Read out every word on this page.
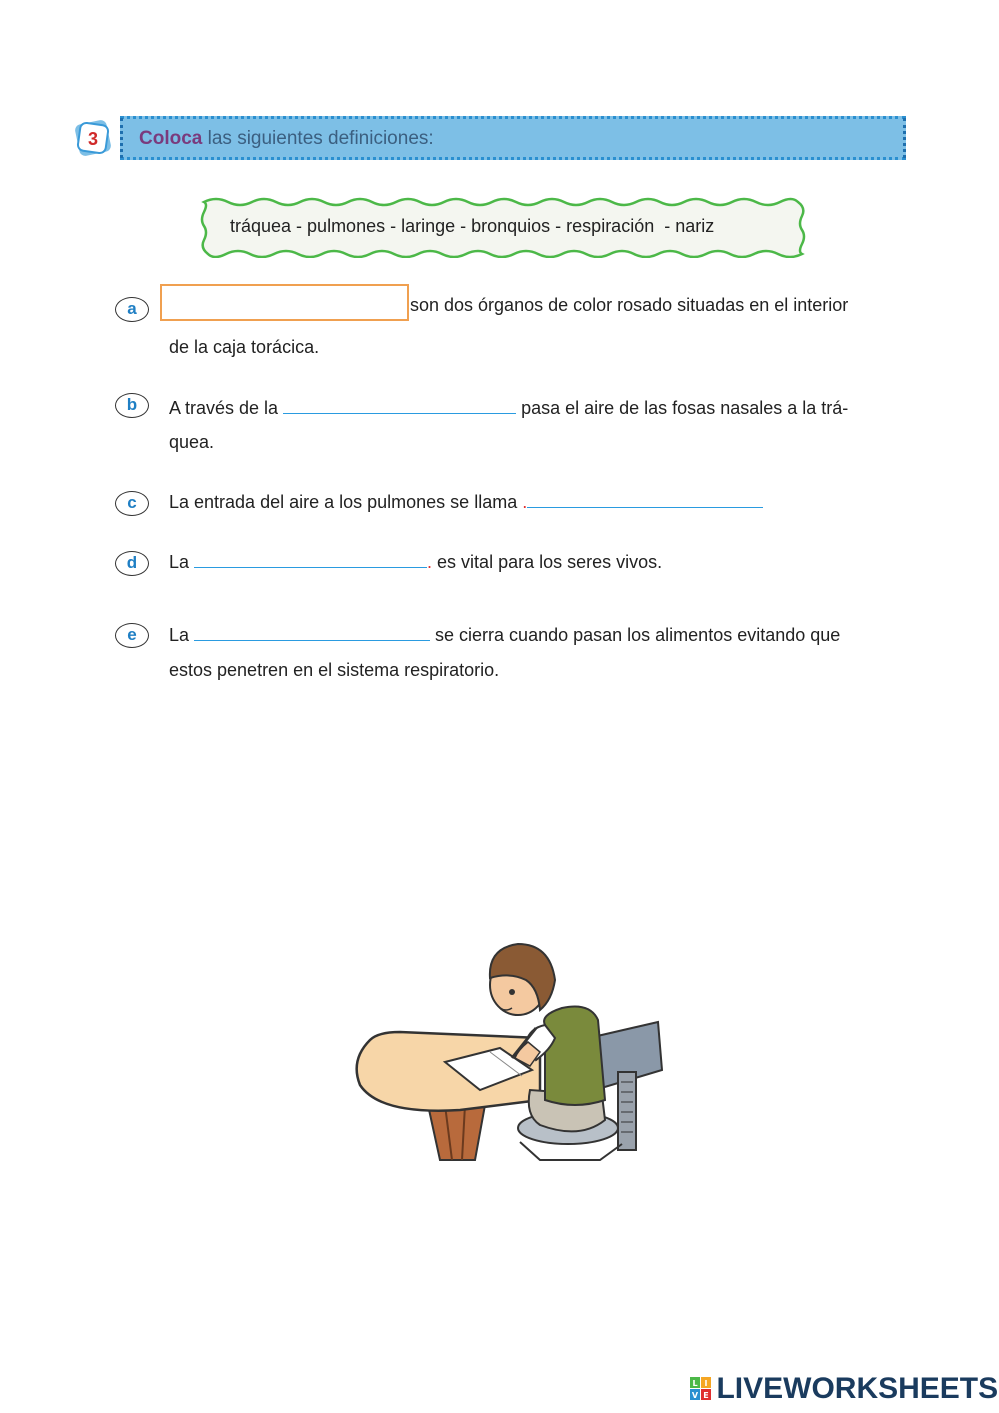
3	Coloca las siguientes definiciones:
tráquea - pulmones - laringe - bronquios - respiración  - nariz
a	son dos órganos de color rosado situadas en el interior
de la caja torácica.
b	A través de la	pasa el aire de las fosas nasales a la trá-
quea.
c	La entrada del aire a los pulmones se llama .
d	La	. es vital para los seres vivos.
e	La	se cierra cuando pasan los alimentos evitando que
estos penetren en el sistema respiratorio.
L I
V E LIVEWORKSHEETS
